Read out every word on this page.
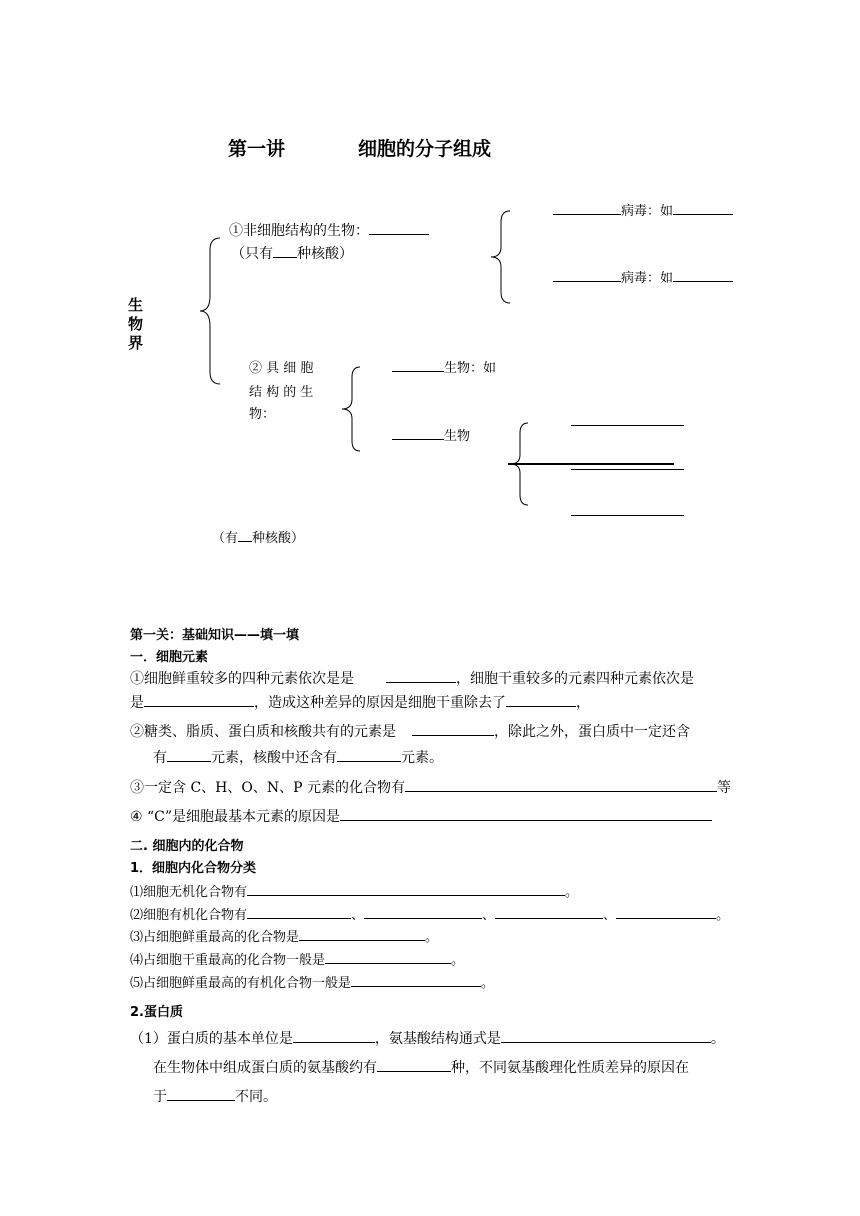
第一讲	细胞的分子组成
生物界
①非细胞结构的生物：
（只有 种核酸）
病毒：如
病毒：如
② 具 细 胞
结 构 的 生
物：
生物：如
生物
（有 种核酸）
第一关：基础知识——填一填
一．细胞元素
①细胞鲜重较多的四种元素依次是是	，细胞干重较多的元素四种元素依次是
是	，造成这种差异的原因是细胞干重除去了	，
②糖类、脂质、蛋白质和核酸共有的元素是	，除此之外，蛋白质中一定还含
有	元素，核酸中还含有	元素。
③一定含 C、H、O、N、P 元素的化合物有	等
④ “C”是细胞最基本元素的原因是
二. 细胞内的化合物
1．细胞内化合物分类
⑴细胞无机化合物有	。
⑵细胞有机化合物有	、	、	、	。
⑶占细胞鲜重最高的化合物是	。
⑷占细胞干重最高的化合物一般是	。
⑸占细胞鲜重最高的有机化合物一般是	。
2.蛋白质
（1）蛋白质的基本单位是	，氨基酸结构通式是	。
在生物体中组成蛋白质的氨基酸约有	种，不同氨基酸理化性质差异的原因在
于	不同。
